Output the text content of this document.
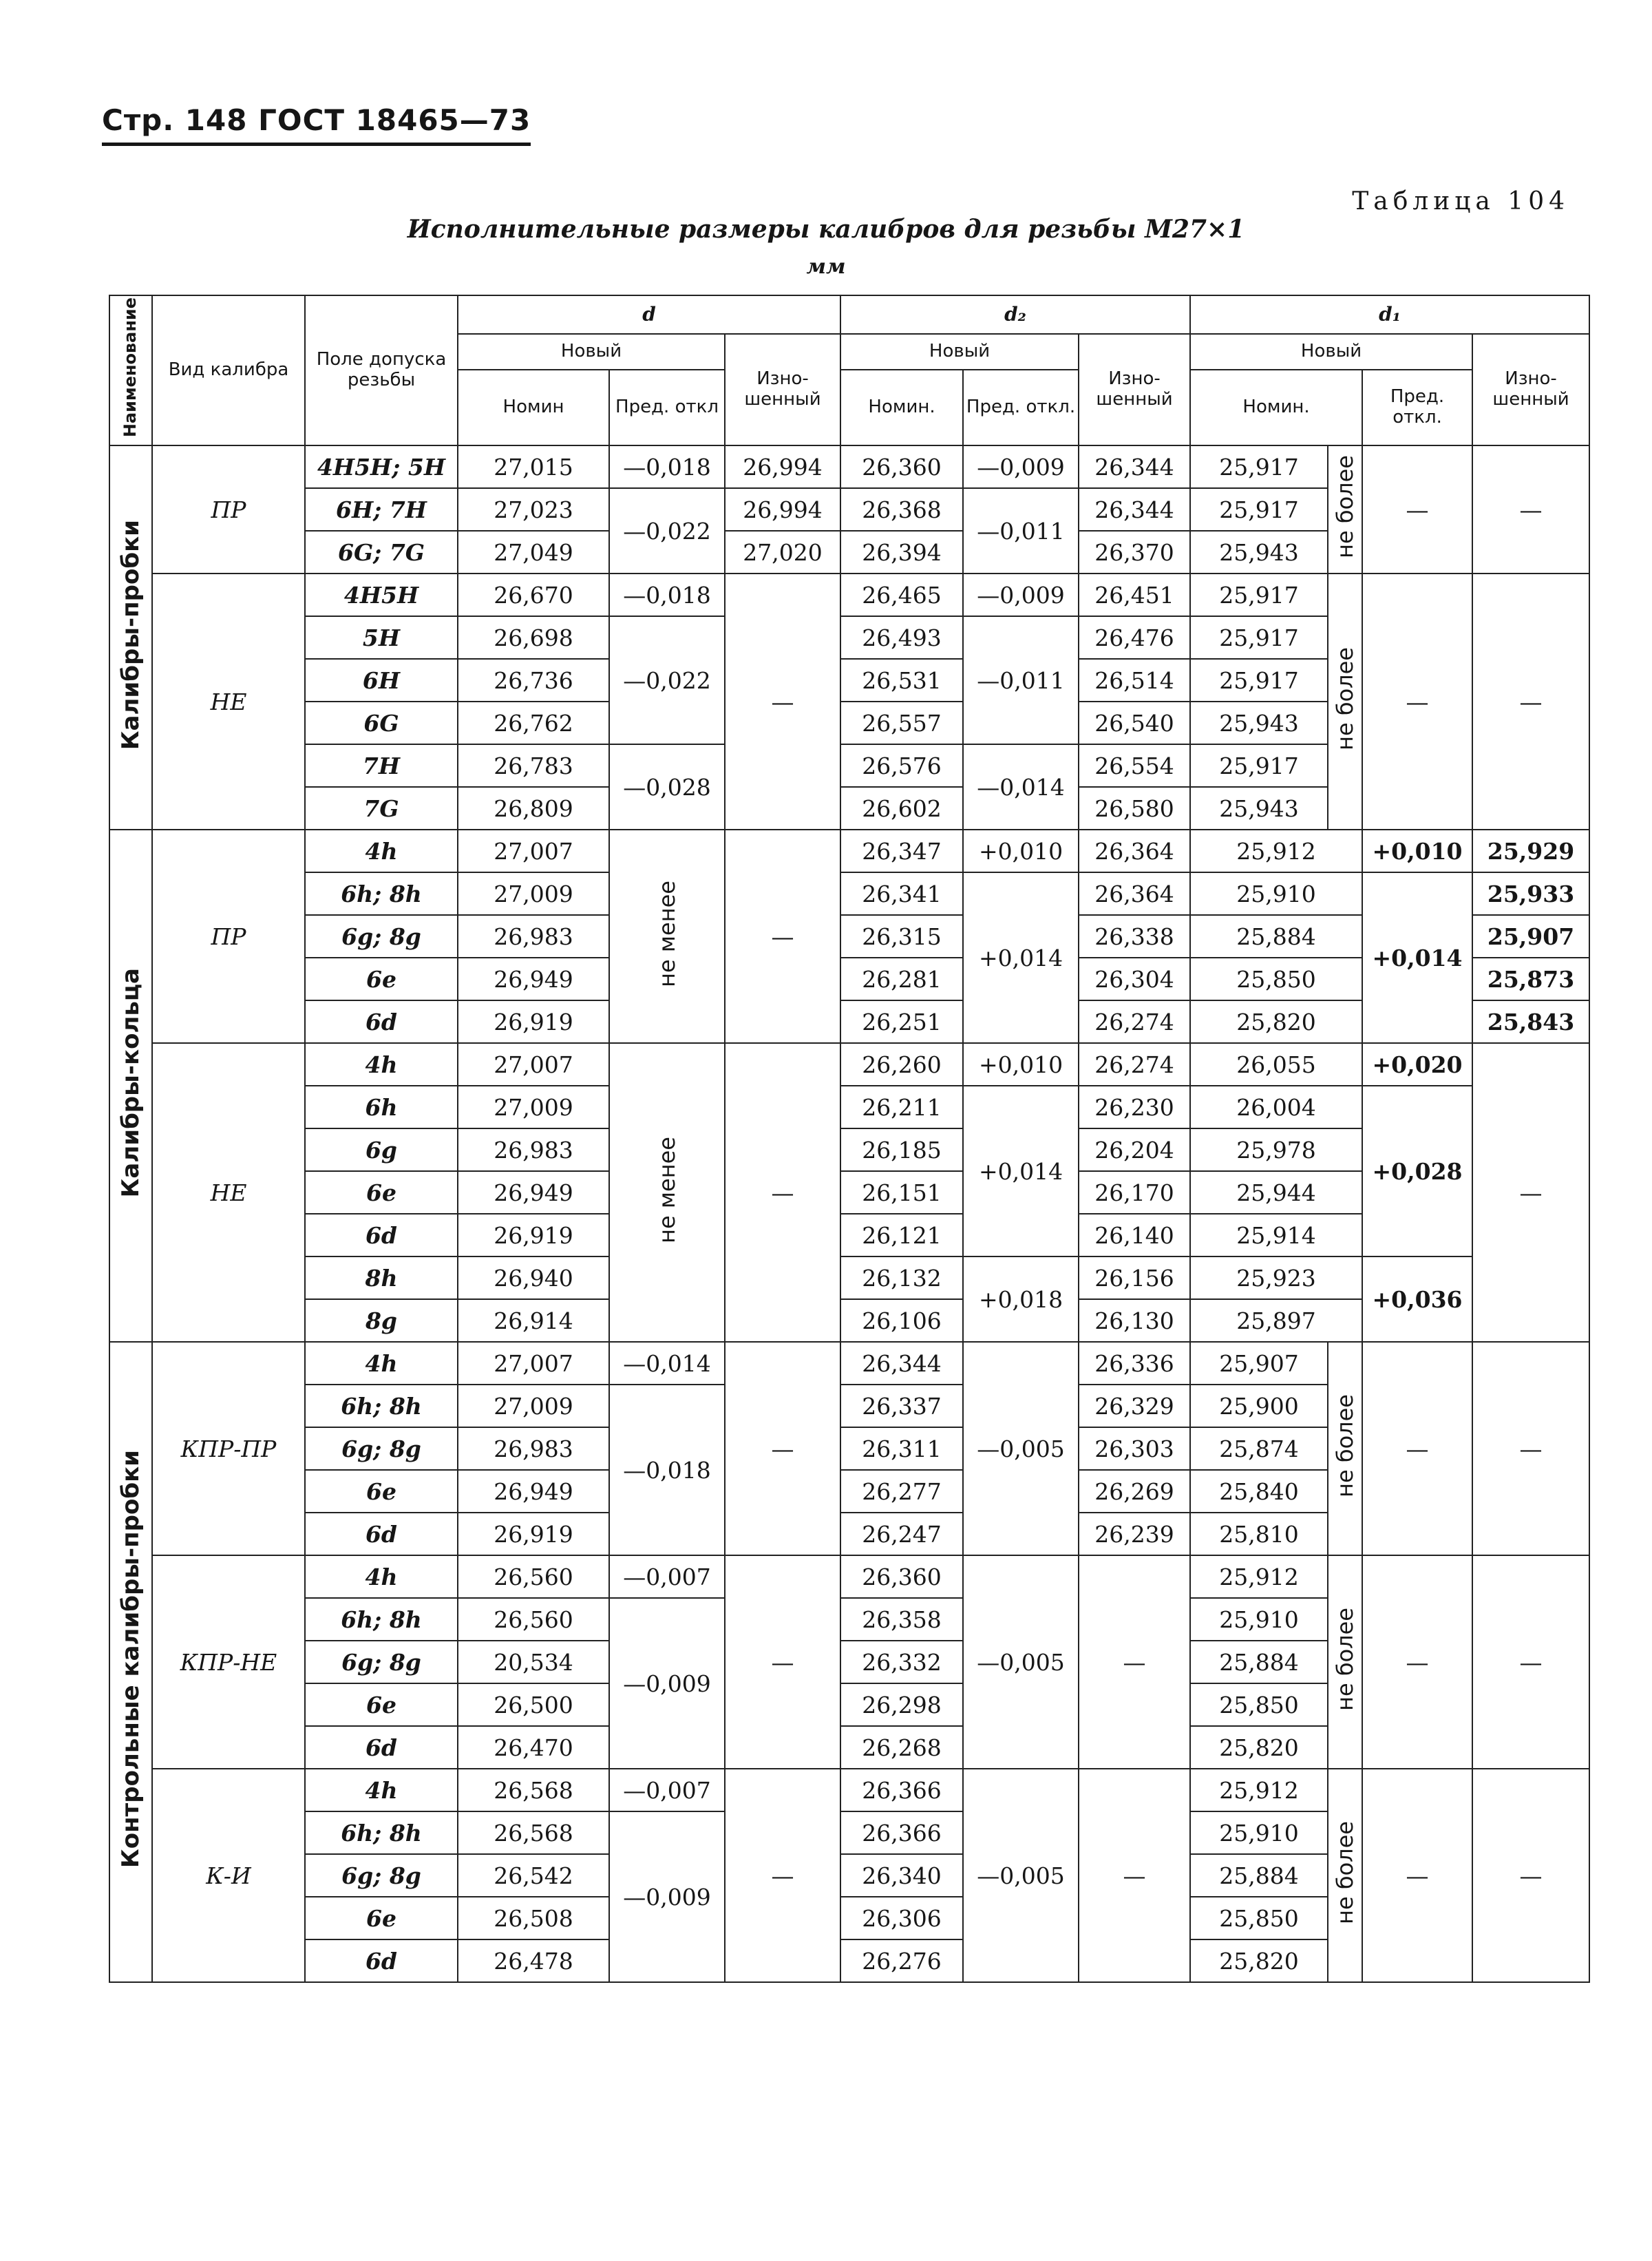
Стр. 148 ГОСТ 18465—73
Таблица 104
Исполнительные размеры калибров для резьбы М27×1
мм
Наименование	Вид калибра	Поле допуска резьбы	d			d₂			d₁			
			Новый		Изно-шенный	Новый		Изно-шенный	Новый			Изно-шенный
			Номин	Пред. откл		Номин.	Пред. откл.		Номин.		Пред. откл.	
Калибры-пробки	ПР	4H5H; 5H	27,015	—0,018	26,994	26,360	—0,009	26,344	25,917	не более	—	—
		6H; 7H	27,023	—0,022	26,994	26,368	—0,011	26,344	25,917			
		6G; 7G	27,049		27,020	26,394		26,370	25,943			
	НЕ	4H5H	26,670	—0,018	—	26,465	—0,009	26,451	25,917	не более	—	—
		5H	26,698	—0,022		26,493	—0,011	26,476	25,917			
		6H	26,736			26,531		26,514	25,917			
		6G	26,762			26,557		26,540	25,943			
		7H	26,783	—0,028		26,576	—0,014	26,554	25,917			
		7G	26,809			26,602		26,580	25,943			
Калибры-кольца	ПР	4h	27,007	не менее	—	26,347	+0,010	26,364	25,912		+0,010	25,929
		6h; 8h	27,009			26,341	+0,014	26,364	25,910		+0,014	25,933
		6g; 8g	26,983			26,315		26,338	25,884			25,907
		6e	26,949			26,281		26,304	25,850			25,873
		6d	26,919			26,251		26,274	25,820			25,843
	НЕ	4h	27,007	не менее	—	26,260	+0,010	26,274	26,055		+0,020	—
		6h	27,009			26,211	+0,014	26,230	26,004		+0,028	
		6g	26,983			26,185		26,204	25,978			
		6e	26,949			26,151		26,170	25,944			
		6d	26,919			26,121		26,140	25,914			
		8h	26,940			26,132	+0,018	26,156	25,923		+0,036	
		8g	26,914			26,106		26,130	25,897			
Контрольные калибры-пробки	КПР-ПР	4h	27,007	—0,014	—	26,344	—0,005	26,336	25,907	не более	—	—
		6h; 8h	27,009	—0,018		26,337		26,329	25,900			
		6g; 8g	26,983			26,311		26,303	25,874			
		6e	26,949			26,277		26,269	25,840			
		6d	26,919			26,247		26,239	25,810			
	КПР-НЕ	4h	26,560	—0,007	—	26,360	—0,005	—	25,912	не более	—	—
		6h; 8h	26,560	—0,009		26,358			25,910			
		6g; 8g	20,534			26,332			25,884			
		6e	26,500			26,298			25,850			
		6d	26,470			26,268			25,820			
	К-И	4h	26,568	—0,007	—	26,366	—0,005	—	25,912	не более	—	—
		6h; 8h	26,568	—0,009		26,366			25,910			
		6g; 8g	26,542			26,340			25,884			
		6e	26,508			26,306			25,850			
		6d	26,478			26,276			25,820			
